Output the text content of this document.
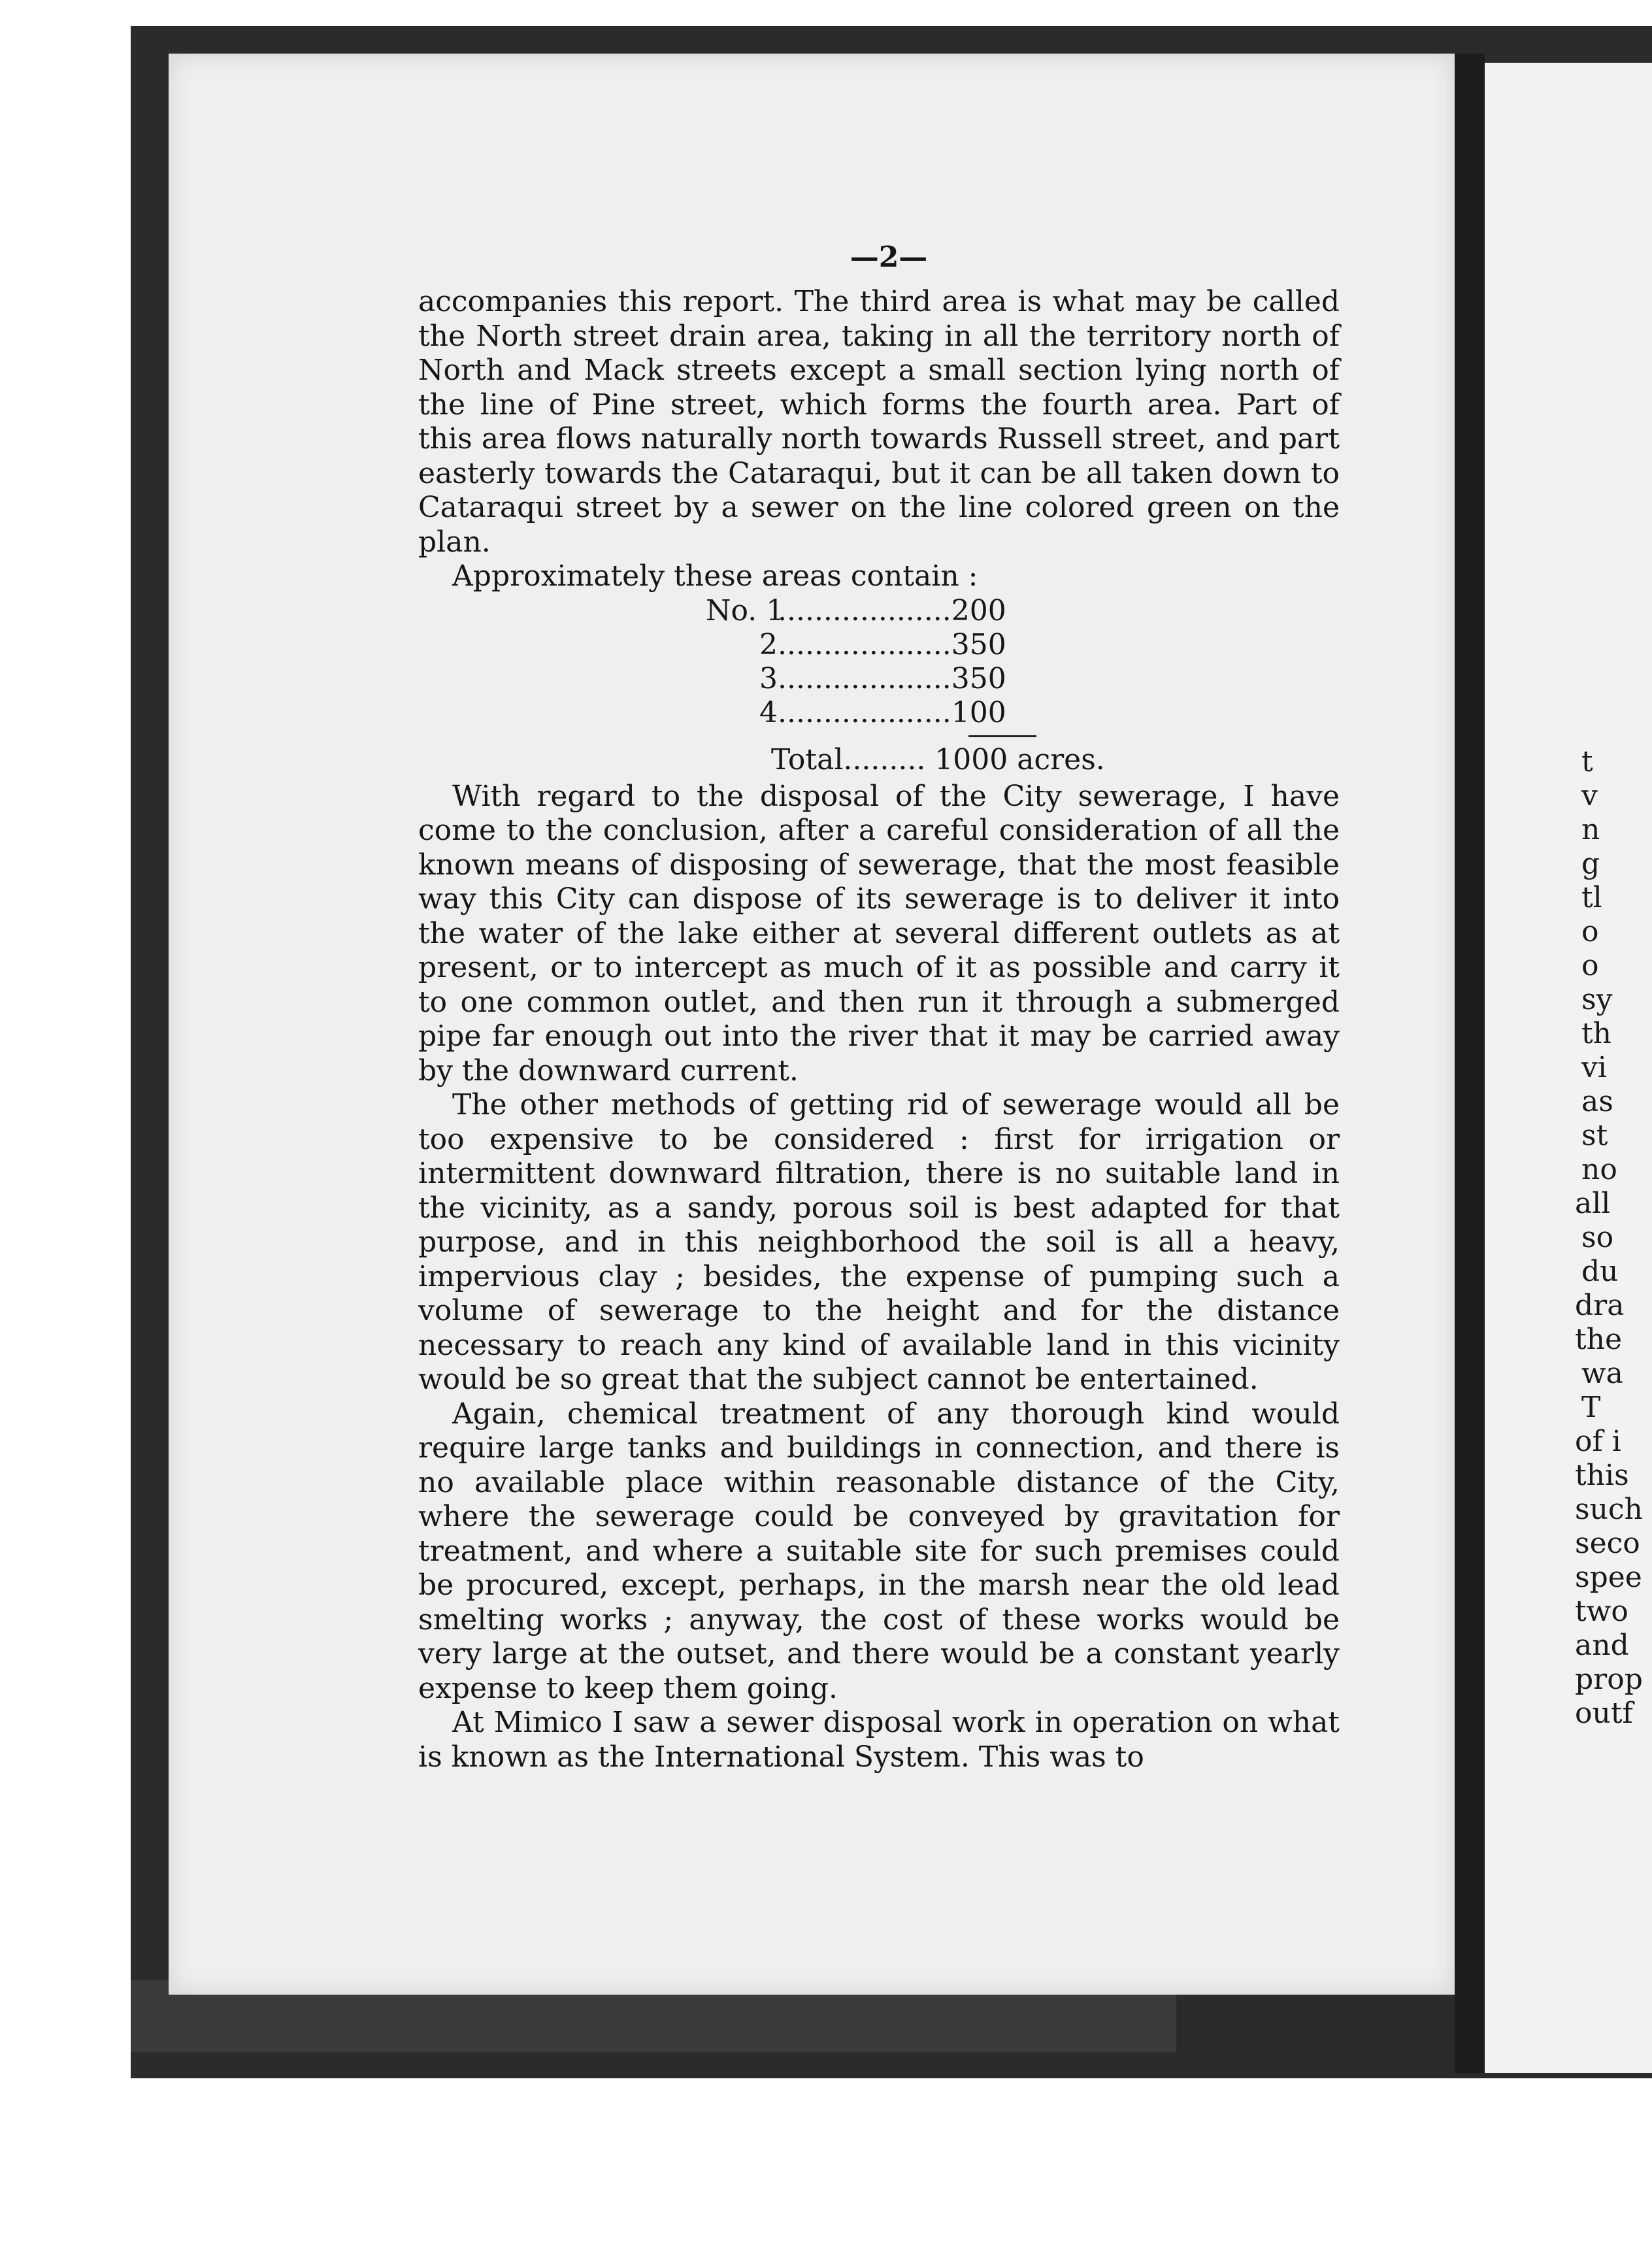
t
v
n
g
tl
o
o
sy
th
vi
as
st
no
all
so
du
dra
the
wa
T
of i
this
such
seco
spee
two
and
prop
outf
—2—

accompanies this report. The third area is what may be called the North street drain area, taking in all the territory north of North and Mack streets except a small section lying north of the line of Pine street, which forms the fourth area. Part of this area flows naturally north towards Russell street, and part easterly towards the Cataraqui, but it can be all taken down to Cataraqui street by a sewer on the line colored green on the plan.

Approximately these areas contain :

No. 1...................200
2...................350
3...................350
4...................100
Total......... 1000 acres.

With regard to the disposal of the City sewerage, I have come to the conclusion, after a careful consideration of all the known means of disposing of sewerage, that the most feasible way this City can dispose of its sewerage is to deliver it into the water of the lake either at several different outlets as at present, or to intercept as much of it as possible and carry it to one common outlet, and then run it through a submerged pipe far enough out into the river that it may be carried away by the downward current.

The other methods of getting rid of sewerage would all be too expensive to be considered : first for irrigation or intermittent downward filtration, there is no suitable land in the vicinity, as a sandy, porous soil is best adapted for that purpose, and in this neighborhood the soil is all a heavy, impervious clay ; besides, the expense of pumping such a volume of sewerage to the height and for the distance necessary to reach any kind of available land in this vicinity would be so great that the subject cannot be entertained.

Again, chemical treatment of any thorough kind would require large tanks and buildings in connection, and there is no available place within reasonable distance of the City, where the sewerage could be conveyed by gravitation for treatment, and where a suitable site for such premises could be procured, except, perhaps, in the marsh near the old lead smelting works ; anyway, the cost of these works would be very large at the outset, and there would be a constant yearly expense to keep them going.

At Mimico I saw a sewer disposal work in operation on what is known as the International System. This was to
